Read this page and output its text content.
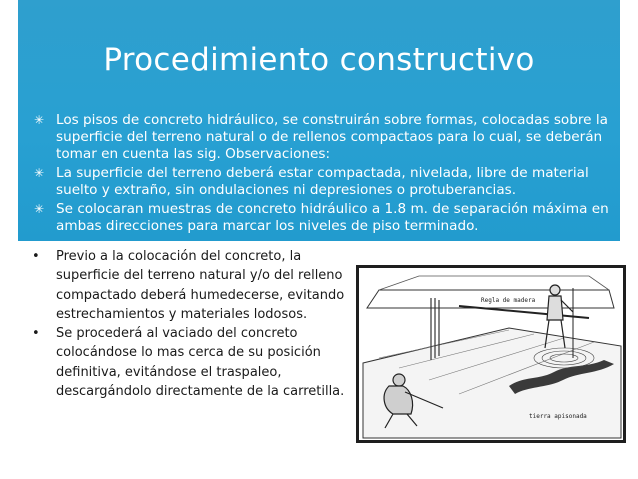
Procedimiento constructivo
✳ Los pisos de concreto hidráulico, se construirán sobre formas, colocadas sobre la superficie del terreno natural o de rellenos compactaos para lo cual, se deberán tomar en cuenta las sig. Observaciones:
✳ La superficie del terreno deberá estar compactada, nivelada, libre de material suelto y extraño, sin ondulaciones ni depresiones o protuberancias.
✳ Se colocaran muestras de concreto hidráulico a 1.8 m. de separación máxima en ambas direcciones para marcar los niveles de piso terminado.
• Previo a la colocación del concreto, la superficie del terreno natural y/o del relleno compactado deberá humedecerse, evitando estrechamientos y materiales lodosos.
• Se procederá al vaciado del concreto colocándose lo mas cerca de su posición definitiva, evitándose el traspaleo, descargándolo directamente de la carretilla.
Regla de madera
tierra apisonada
